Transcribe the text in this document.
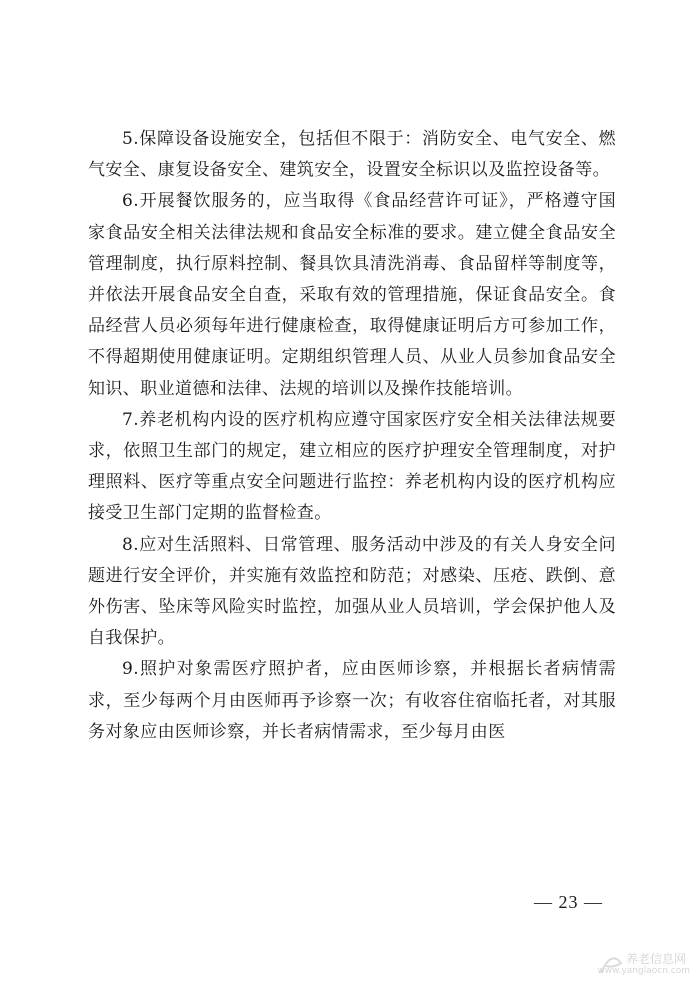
5.保障设备设施安全，包括但不限于：消防安全、电气安全、燃气安全、康复设备安全、建筑安全，设置安全标识以及监控设备等。

6.开展餐饮服务的，应当取得《食品经营许可证》，严格遵守国家食品安全相关法律法规和食品安全标准的要求。建立健全食品安全管理制度，执行原料控制、餐具饮具清洗消毒、食品留样等制度等，并依法开展食品安全自查，采取有效的管理措施，保证食品安全。食品经营人员必须每年进行健康检查，取得健康证明后方可参加工作，不得超期使用健康证明。定期组织管理人员、从业人员参加食品安全知识、职业道德和法律、法规的培训以及操作技能培训。

7.养老机构内设的医疗机构应遵守国家医疗安全相关法律法规要求，依照卫生部门的规定，建立相应的医疗护理安全管理制度，对护理照料、医疗等重点安全问题进行监控：养老机构内设的医疗机构应接受卫生部门定期的监督检查。

8.应对生活照料、日常管理、服务活动中涉及的有关人身安全问题进行安全评价，并实施有效监控和防范；对感染、压疮、跌倒、意外伤害、坠床等风险实时监控，加强从业人员培训，学会保护他人及自我保护。

9.照护对象需医疗照护者，应由医师诊察，并根据长者病情需求，至少每两个月由医师再予诊察一次；有收容住宿临托者，对其服务对象应由医师诊察，并长者病情需求，至少每月由医

— 23 —
养老信息网
www.yanglaocn.com
